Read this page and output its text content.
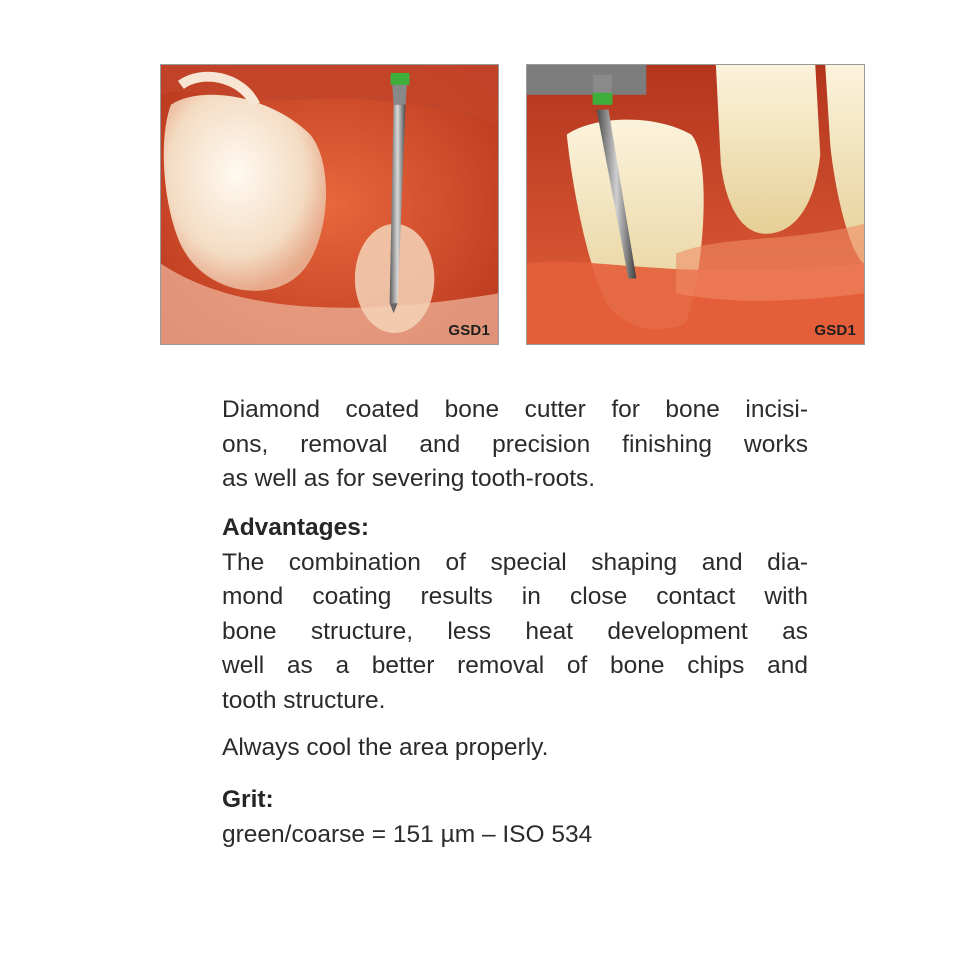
GSD1	GSD1
Diamond coated bone cutter for bone incisi-
ons, removal and precision finishing works
as well as for severing tooth-roots.
Advantages:
The combination of special shaping and dia-
mond coating results in close contact with
bone structure, less heat development as
well as a better removal of bone chips and
tooth structure.
Always cool the area properly.
Grit:
green/coarse = 151 µm – ISO 534
